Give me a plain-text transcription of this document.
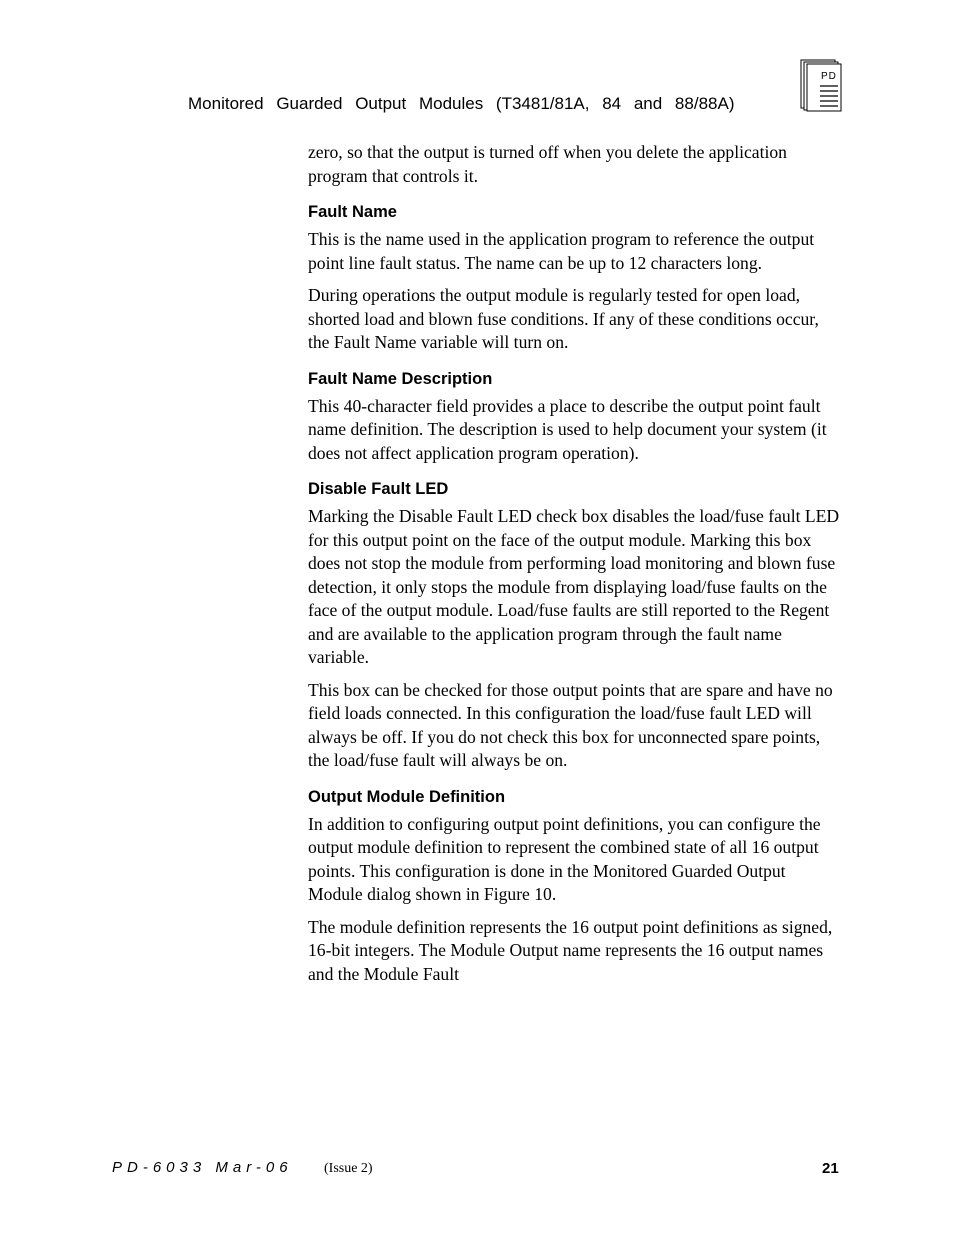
Monitored Guarded Output Modules (T3481/81A, 84 and 88/88A)
PD

zero, so that the output is turned off when you delete the application program that controls it.

Fault Name

This is the name used in the application program to reference the output point line fault status. The name can be up to 12 characters long.

During operations the output module is regularly tested for open load, shorted load and blown fuse conditions. If any of these conditions occur, the Fault Name variable will turn on.

Fault Name Description

This 40-character field provides a place to describe the output point fault name definition. The description is used to help document your system (it does not affect application program operation).

Disable Fault LED

Marking the Disable Fault LED check box disables the load/fuse fault LED for this output point on the face of the output module. Marking this box does not stop the module from performing load monitoring and blown fuse detection, it only stops the module from displaying load/fuse faults on the face of the output module. Load/fuse faults are still reported to the Regent and are available to the application program through the fault name variable.

This box can be checked for those output points that are spare and have no field loads connected. In this configuration the load/fuse fault LED will always be off. If you do not check this box for unconnected spare points, the load/fuse fault will always be on.

Output Module Definition

In addition to configuring output point definitions, you can configure the output module definition to represent the combined state of all 16 output points. This configuration is done in the Monitored Guarded Output Module dialog shown in Figure 10.

The module definition represents the 16 output point definitions as signed, 16-bit integers. The Module Output name represents the 16 output names and the Module Fault

PD-6033 Mar-06 (Issue 2)	21
